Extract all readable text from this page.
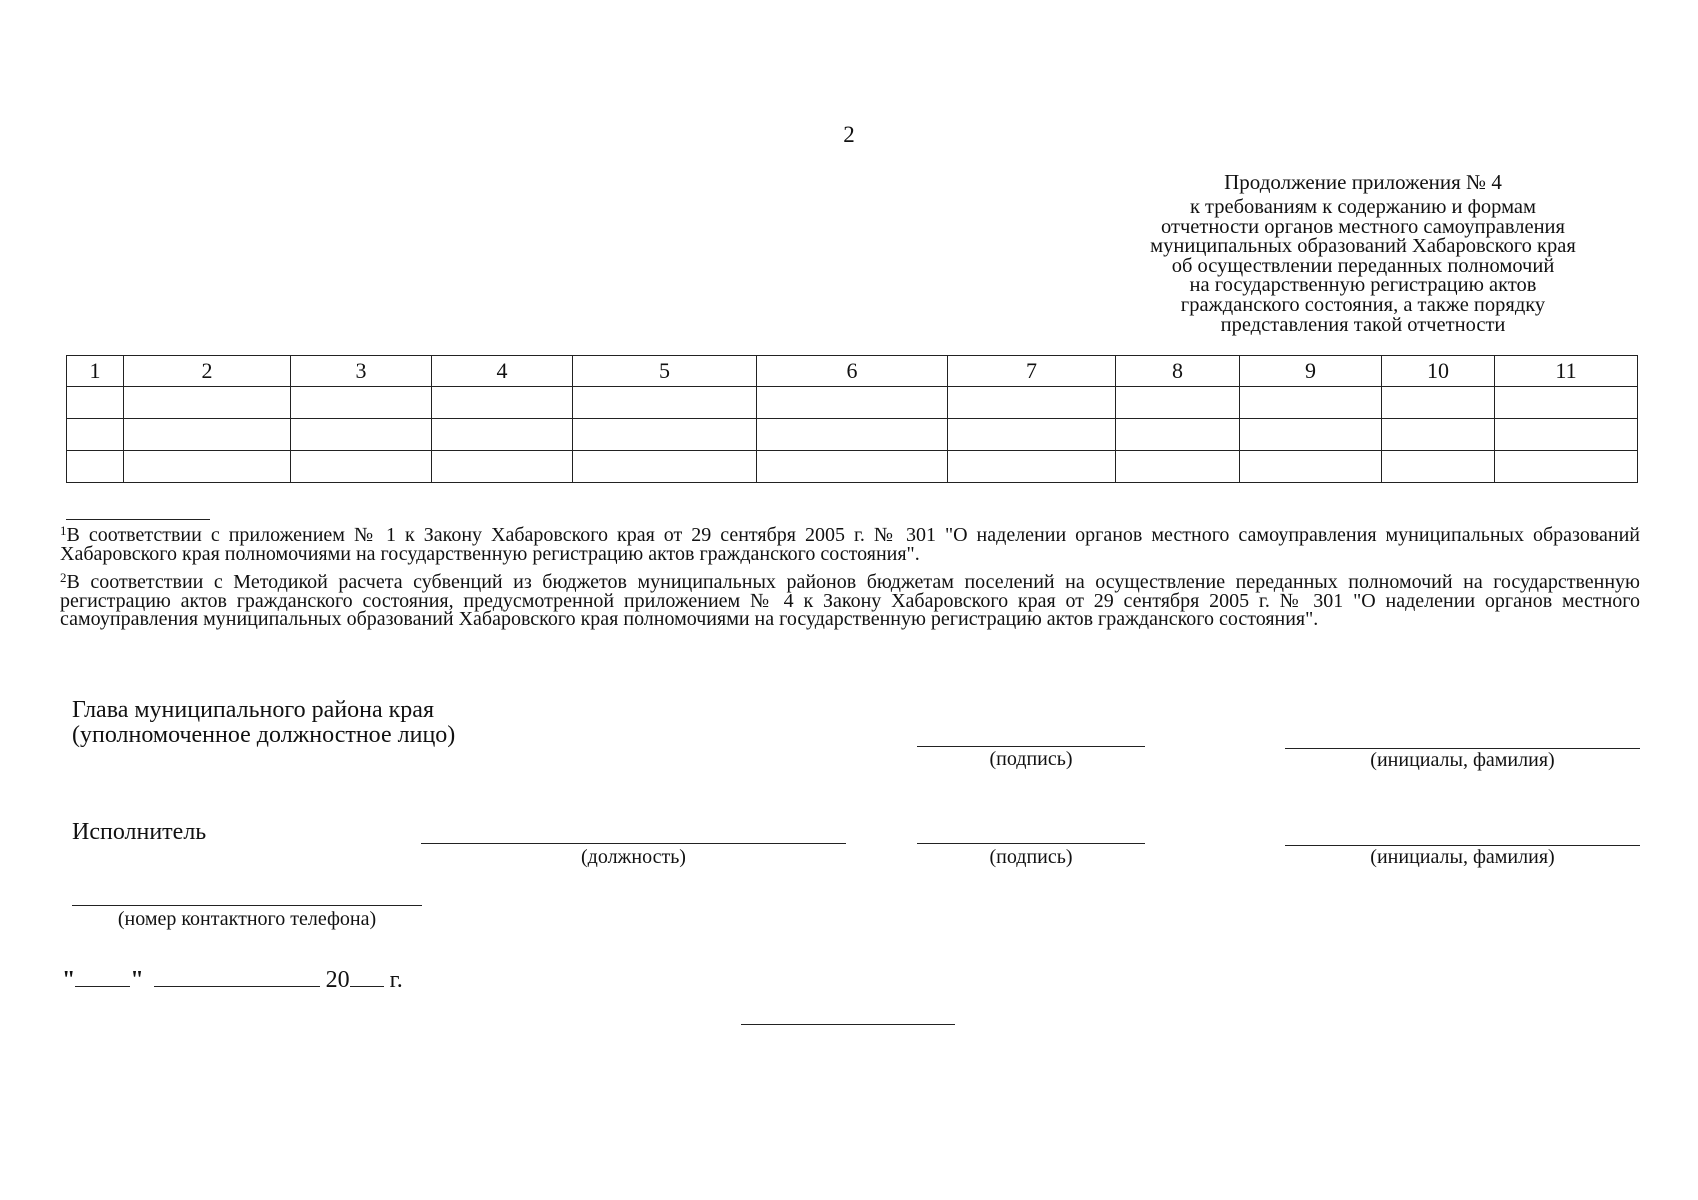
2
Продолжение приложения № 4
к требованиям к содержанию и формам
отчетности органов местного самоуправления
муниципальных образований Хабаровского края
об осуществлении переданных полномочий
на государственную регистрацию актов
гражданского состояния, а также порядку
представления такой отчетности
1	2	3	4	5	6	7	8	9	10	11

$^1$В соответствии с приложением № 1 к Закону Хабаровского края от 29 сентября 2005 г. № 301 "О наделении органов местного самоуправления муниципальных образований Хабаровского края полномочиями на государственную регистрацию актов гражданского состояния".
$^2$В соответствии с Методикой расчета субвенций из бюджетов муниципальных районов бюджетам поселений на осуществление переданных полномочий на государственную регистрацию актов гражданского состояния, предусмотренной приложением № 4 к Закону Хабаровского края от 29 сентября 2005 г. № 301 "О наделении органов местного самоуправления муниципальных образований Хабаровского края полномочиями на государственную регистрацию актов гражданского состояния".
Глава муниципального района края
(уполномоченное должностное лицо)
(подпись)	(инициалы, фамилия)
Исполнитель
(должность)	(подпись)	(инициалы, фамилия)
(номер контактного телефона)
" "	20 г.
